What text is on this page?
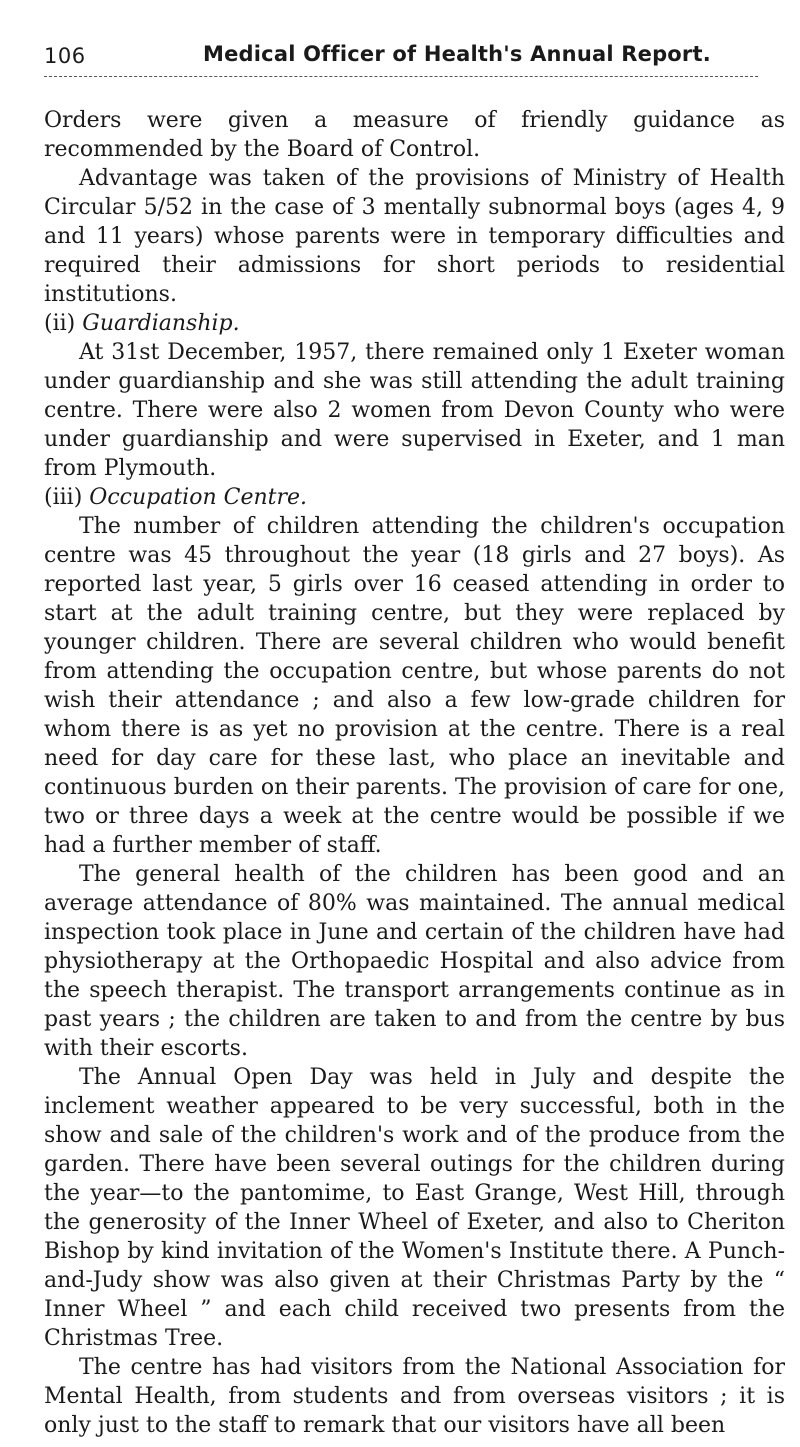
106	Medical Officer of Health's Annual Report.

Orders were given a measure of friendly guidance as recommended by the Board of Control.

Advantage was taken of the provisions of Ministry of Health Circular 5/52 in the case of 3 mentally subnormal boys (ages 4, 9 and 11 years) whose parents were in temporary difficulties and required their admissions for short periods to residential institutions.

(ii) Guardianship.

At 31st December, 1957, there remained only 1 Exeter woman under guardianship and she was still attending the adult training centre. There were also 2 women from Devon County who were under guardianship and were supervised in Exeter, and 1 man from Plymouth.

(iii) Occupation Centre.

The number of children attending the children's occupation centre was 45 throughout the year (18 girls and 27 boys). As reported last year, 5 girls over 16 ceased attending in order to start at the adult training centre, but they were replaced by younger children. There are several children who would benefit from attending the occupation centre, but whose parents do not wish their attendance ; and also a few low-grade children for whom there is as yet no provision at the centre. There is a real need for day care for these last, who place an inevitable and continuous burden on their parents. The provision of care for one, two or three days a week at the centre would be possible if we had a further member of staff.

The general health of the children has been good and an average attendance of 80% was maintained. The annual medical inspection took place in June and certain of the children have had physiotherapy at the Orthopaedic Hospital and also advice from the speech therapist. The transport arrangements continue as in past years ; the children are taken to and from the centre by bus with their escorts.

The Annual Open Day was held in July and despite the inclement weather appeared to be very successful, both in the show and sale of the children's work and of the produce from the garden. There have been several outings for the children during the year—to the pantomime, to East Grange, West Hill, through the generosity of the Inner Wheel of Exeter, and also to Cheriton Bishop by kind invitation of the Women's Institute there. A Punch-and-Judy show was also given at their Christmas Party by the “ Inner Wheel ” and each child received two presents from the Christmas Tree.

The centre has had visitors from the National Association for Mental Health, from students and from overseas visitors ; it is only just to the staff to remark that our visitors have all been
